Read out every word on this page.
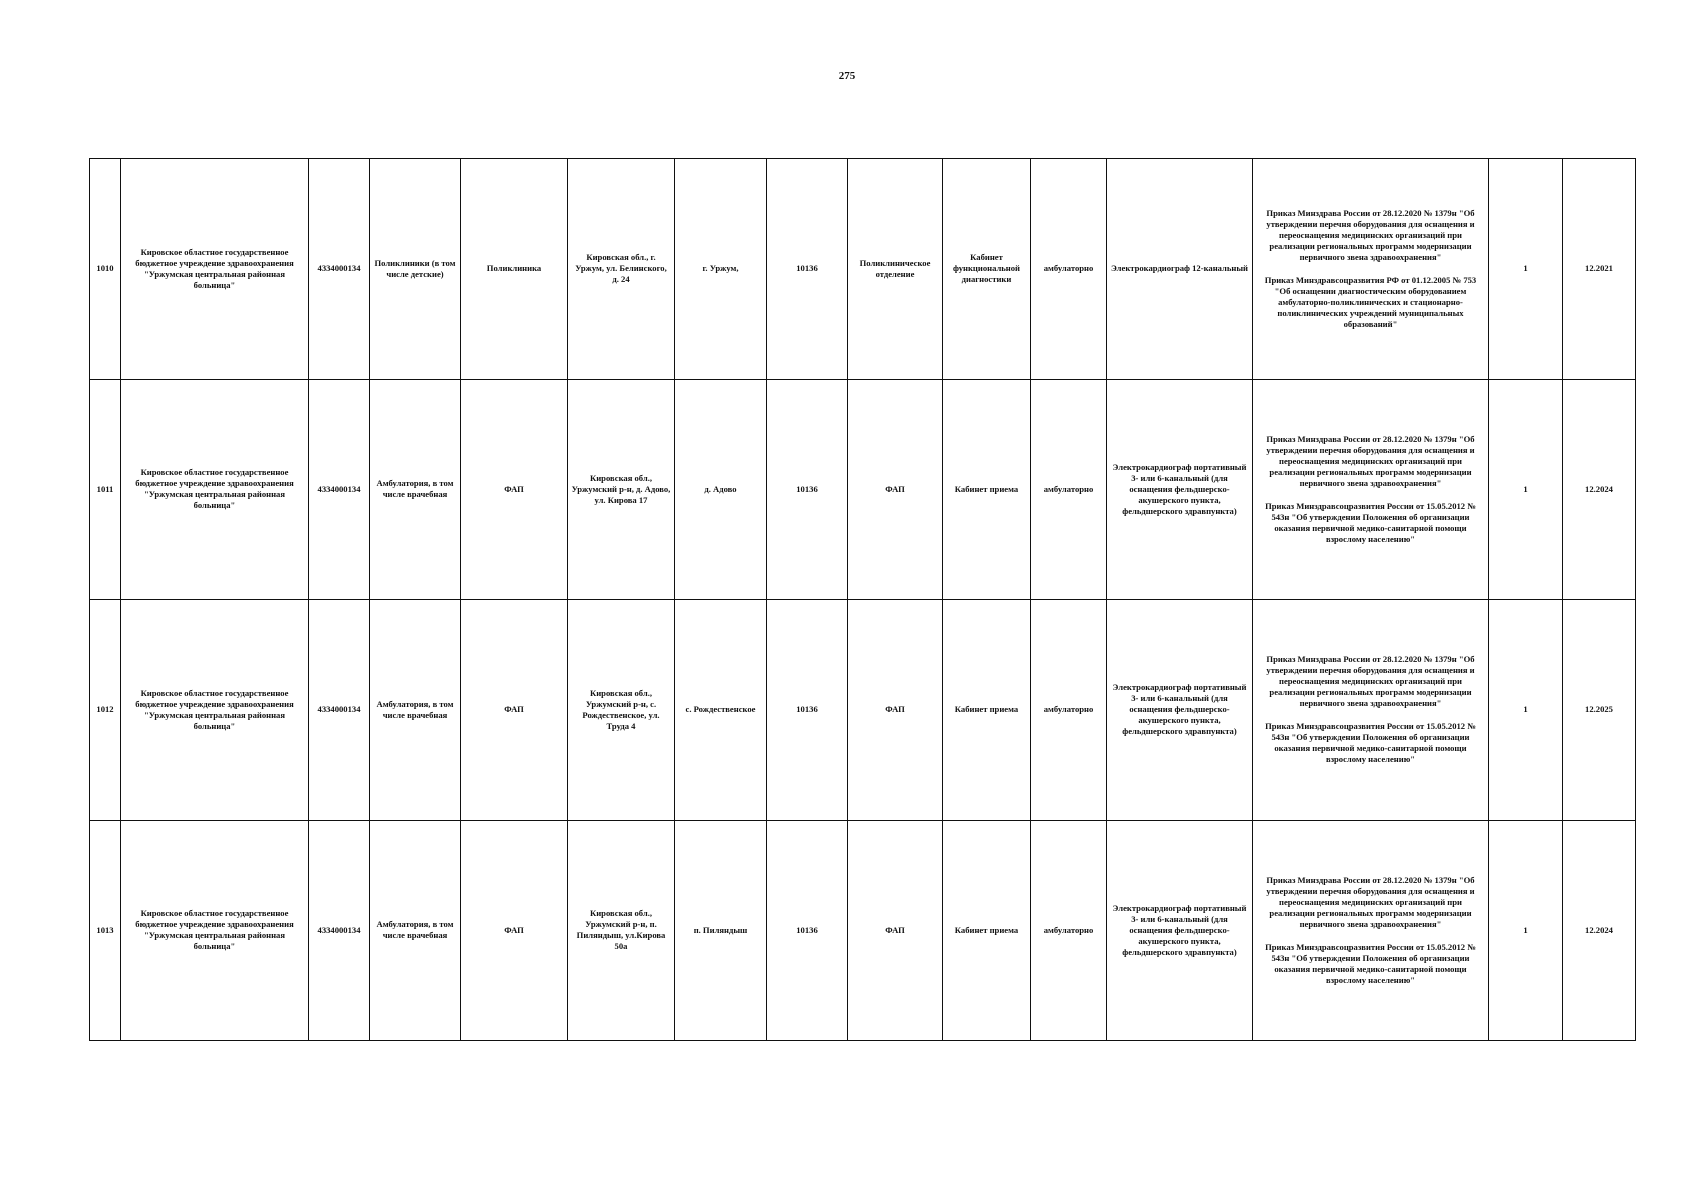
275
1010	Кировское областное государственное бюджетное учреждение здравоохранения "Уржумская центральная районная больница"	4334000134	Поликлиники (в том числе детские)	Поликлиника	Кировская обл., г. Уржум, ул. Белинского, д. 24	г. Уржум,	10136	Поликлиническое отделение	Кабинет функциональной диагностики	амбулаторно	Электрокардиограф 12-канальный	Приказ Минздрава России от 28.12.2020 № 1379н "Об утверждении перечня оборудования для оснащения и переоснащения медицинских организаций при реализации региональных программ модернизации первичного звена здравоохранения"
Приказ Минздравсоцразвития РФ от 01.12.2005 № 753 "Об оснащении диагностическим оборудованием амбулаторно-поликлинических и стационарно-поликлинических учреждений муниципальных образований"	1	12.2021
1011	Кировское областное государственное бюджетное учреждение здравоохранения "Уржумская центральная районная больница"	4334000134	Амбулатория, в том числе врачебная	ФАП	Кировская обл., Уржумский р-н, д. Адово, ул. Кирова 17	д. Адово	10136	ФАП	Кабинет приема	амбулаторно	Электрокардиограф портативный 3- или 6-канальный (для оснащения фельдшерско-акушерского пункта, фельдшерского здравпункта)	Приказ Минздрава России от 28.12.2020 № 1379н "Об утверждении перечня оборудования для оснащения и переоснащения медицинских организаций при реализации региональных программ модернизации первичного звена здравоохранения"
Приказ Минздравсоцразвития России от 15.05.2012 № 543н "Об утверждении Положения об организации оказания первичной медико-санитарной помощи взрослому населению"	1	12.2024
1012	Кировское областное государственное бюджетное учреждение здравоохранения "Уржумская центральная районная больница"	4334000134	Амбулатория, в том числе врачебная	ФАП	Кировская обл., Уржумский р-н, с. Рождественское, ул. Труда 4	с. Рождественское	10136	ФАП	Кабинет приема	амбулаторно	Электрокардиограф портативный 3- или 6-канальный (для оснащения фельдшерско-акушерского пункта, фельдшерского здравпункта)	Приказ Минздрава России от 28.12.2020 № 1379н "Об утверждении перечня оборудования для оснащения и переоснащения медицинских организаций при реализации региональных программ модернизации первичного звена здравоохранения"
Приказ Минздравсоцразвития России от 15.05.2012 № 543н "Об утверждении Положения об организации оказания первичной медико-санитарной помощи взрослому населению"	1	12.2025
1013	Кировское областное государственное бюджетное учреждение здравоохранения "Уржумская центральная районная больница"	4334000134	Амбулатория, в том числе врачебная	ФАП	Кировская обл., Уржумский р-н, п. Пиляндыш, ул.Кирова 50а	п. Пиляндыш	10136	ФАП	Кабинет приема	амбулаторно	Электрокардиограф портативный 3- или 6-канальный (для оснащения фельдшерско-акушерского пункта, фельдшерского здравпункта)	Приказ Минздрава России от 28.12.2020 № 1379н "Об утверждении перечня оборудования для оснащения и переоснащения медицинских организаций при реализации региональных программ модернизации первичного звена здравоохранения"
Приказ Минздравсоцразвития России от 15.05.2012 № 543н "Об утверждении Положения об организации оказания первичной медико-санитарной помощи взрослому населению"	1	12.2024
